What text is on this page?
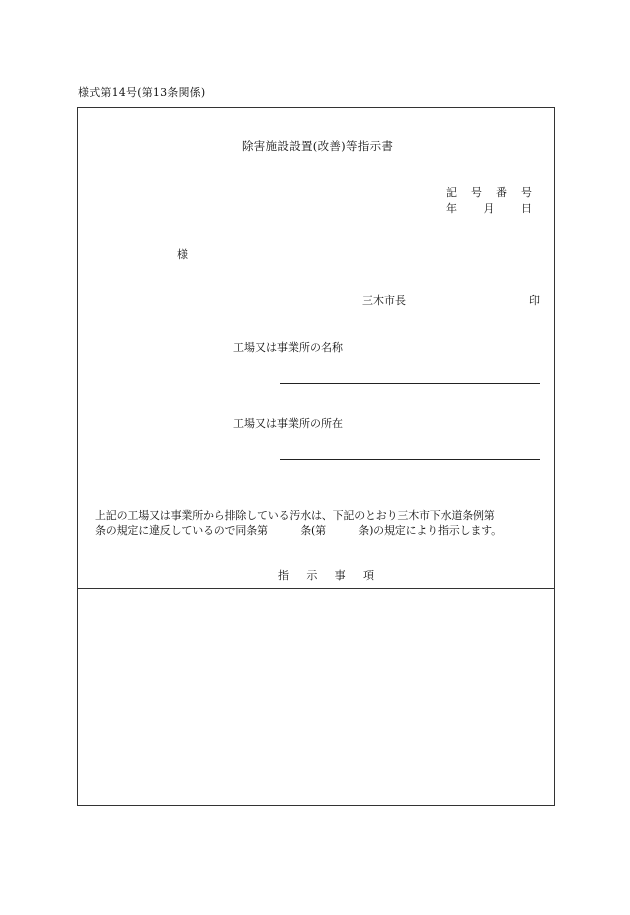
様式第14号(第13条関係)
除害施設設置(改善)等指示書
記 号 番 号
年 月 日
様
三木市長	印
工場又は事業所の名称
工場又は事業所の所在
上記の工場又は事業所から排除している汚水は、下記のとおり三木市下水道条例第
条の規定に違反しているので同条第　　　条(第　　　条)の規定により指示します。
指 示 事 項
